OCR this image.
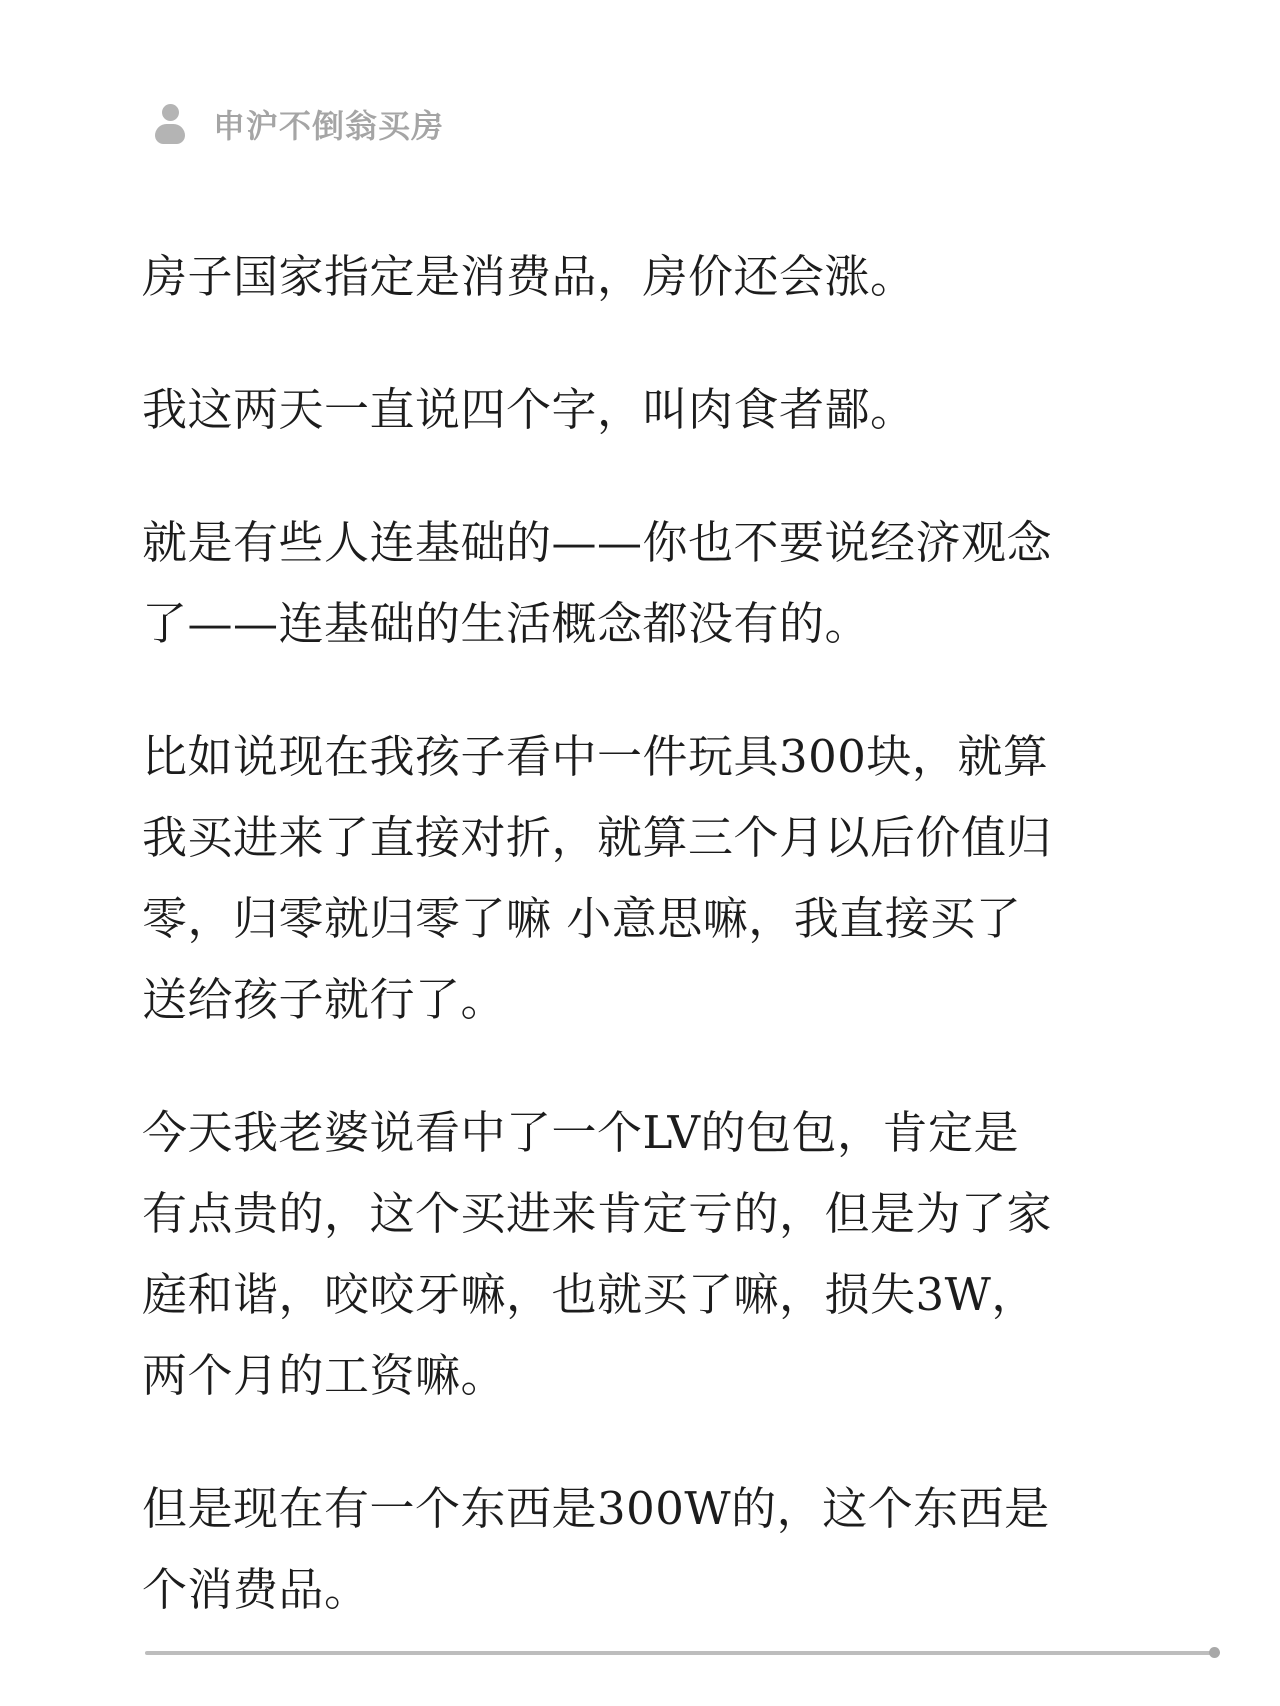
申沪不倒翁买房

房子国家指定是消费品，房价还会涨。

我这两天一直说四个字，叫肉食者鄙。

就是有些人连基础的——你也不要说经济观念
了——连基础的生活概念都没有的。

比如说现在我孩子看中一件玩具300块，就算
我买进来了直接对折，就算三个月以后价值归
零，归零就归零了嘛 小意思嘛，我直接买了
送给孩子就行了。

今天我老婆说看中了一个LV的包包，肯定是
有点贵的，这个买进来肯定亏的，但是为了家
庭和谐，咬咬牙嘛，也就买了嘛，损失3W，
两个月的工资嘛。

但是现在有一个东西是300W的，这个东西是
个消费品。
